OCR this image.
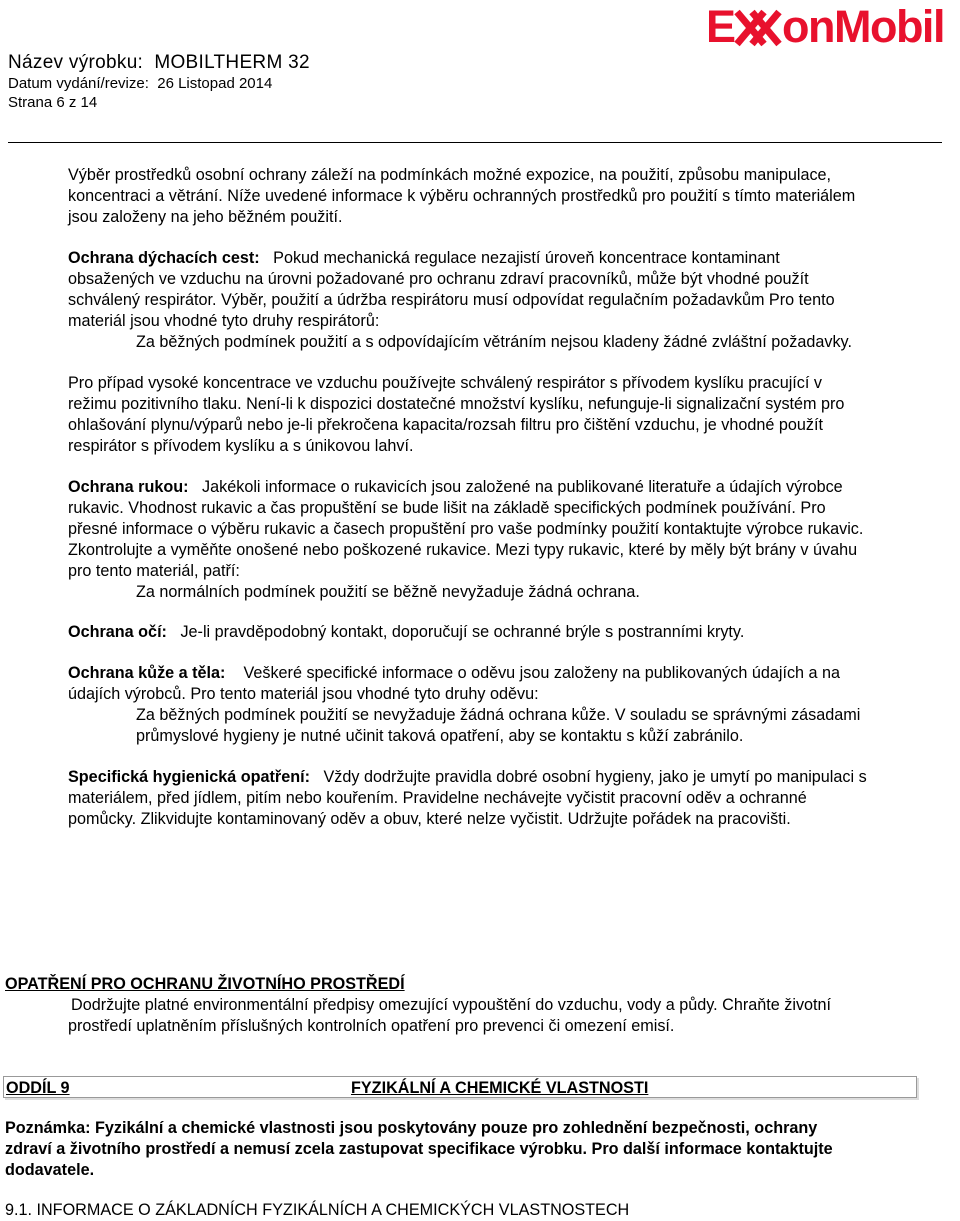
Název výrobku: MOBILTHERM 32
Datum vydání/revize: 26 Listopad 2014
Strana 6 z 14
E onMobil
Výběr prostředků osobní ochrany záleží na podmínkách možné expozice, na použití, způsobu manipulace,
koncentraci a větrání. Níže uvedené informace k výběru ochranných prostředků pro použití s tímto materiálem
jsou založeny na jeho běžném použití.
Ochrana dýchacích cest: Pokud mechanická regulace nezajistí úroveň koncentrace kontaminant
obsažených ve vzduchu na úrovni požadované pro ochranu zdraví pracovníků, může být vhodné použít
schválený respirátor. Výběr, použití a údržba respirátoru musí odpovídat regulačním požadavkům Pro tento
materiál jsou vhodné tyto druhy respirátorů:
Za běžných podmínek použití a s odpovídajícím větráním nejsou kladeny žádné zvláštní požadavky.
Pro případ vysoké koncentrace ve vzduchu používejte schválený respirátor s přívodem kyslíku pracující v
režimu pozitivního tlaku. Není-li k dispozici dostatečné množství kyslíku, nefunguje-li signalizační systém pro
ohlašování plynu/výparů nebo je-li překročena kapacita/rozsah filtru pro čištění vzduchu, je vhodné použít
respirátor s přívodem kyslíku a s únikovou lahví.
Ochrana rukou: Jakékoli informace o rukavicích jsou založené na publikované literatuře a údajích výrobce
rukavic. Vhodnost rukavic a čas propuštění se bude lišit na základě specifických podmínek používání. Pro
přesné informace o výběru rukavic a časech propuštění pro vaše podmínky použití kontaktujte výrobce rukavic.
Zkontrolujte a vyměňte onošené nebo poškozené rukavice. Mezi typy rukavic, které by měly být brány v úvahu
pro tento materiál, patří:
Za normálních podmínek použití se běžně nevyžaduje žádná ochrana.
Ochrana očí: Je-li pravděpodobný kontakt, doporučují se ochranné brýle s postranními kryty.
Ochrana kůže a těla: Veškeré specifické informace o oděvu jsou založeny na publikovaných údajích a na
údajích výrobců. Pro tento materiál jsou vhodné tyto druhy oděvu:
Za běžných podmínek použití se nevyžaduje žádná ochrana kůže. V souladu se správnými zásadami
průmyslové hygieny je nutné učinit taková opatření, aby se kontaktu s kůží zabránilo.
Specifická hygienická opatření: Vždy dodržujte pravidla dobré osobní hygieny, jako je umytí po manipulaci s
materiálem, před jídlem, pitím nebo kouřením. Pravidelne nechávejte vyčistit pracovní oděv a ochranné
pomůcky. Zlikvidujte kontaminovaný oděv a obuv, které nelze vyčistit. Udržujte pořádek na pracovišti.
OPATŘENÍ PRO OCHRANU ŽIVOTNÍHO PROSTŘEDÍ
Dodržujte platné environmentální předpisy omezující vypouštění do vzduchu, vody a půdy. Chraňte životní
prostředí uplatněním příslušných kontrolních opatření pro prevenci či omezení emisí.
ODDÍL 9	FYZIKÁLNÍ A CHEMICKÉ VLASTNOSTI
Poznámka: Fyzikální a chemické vlastnosti jsou poskytovány pouze pro zohlednění bezpečnosti, ochrany
zdraví a životního prostředí a nemusí zcela zastupovat specifikace výrobku. Pro další informace kontaktujte
dodavatele.
9.1. INFORMACE O ZÁKLADNÍCH FYZIKÁLNÍCH A CHEMICKÝCH VLASTNOSTECH
